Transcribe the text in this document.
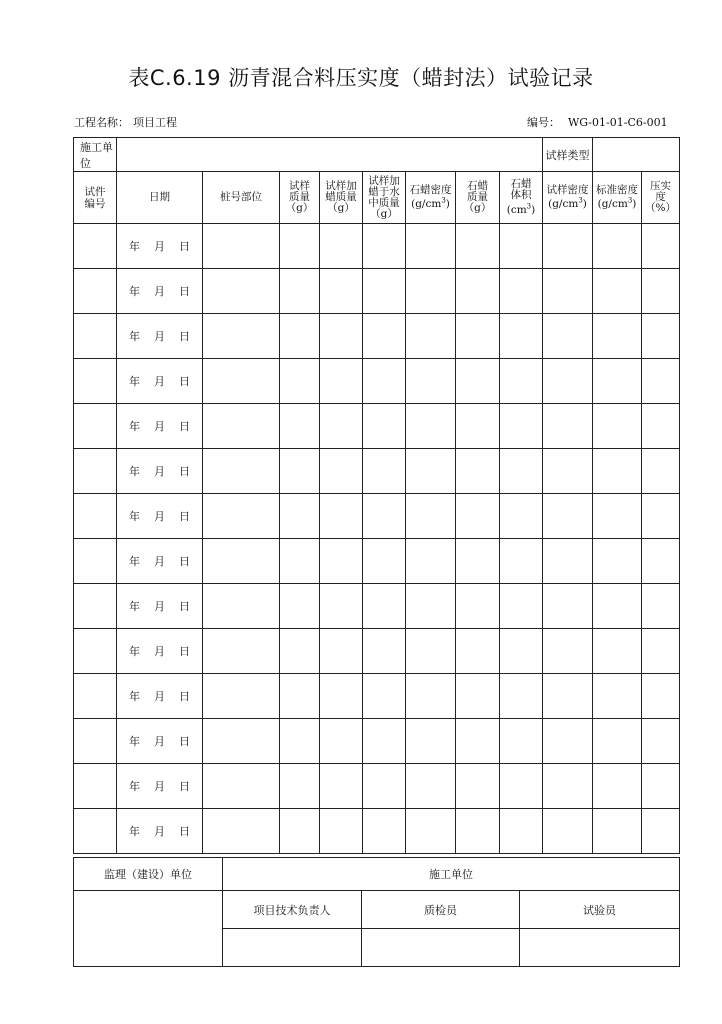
表C.6.19 沥青混合料压实度（蜡封法）试验记录
工程名称： 项目工程	编号： WG-01-01-C6-001
施工单位									试样类型		
试件编号	日期	桩号部位	试样
质量
（g）	试样加
蜡质量
（g）	试样加
蜡于水
中质量
（g）	石蜡密度
$(g/cm^3)$	石蜡
质量
（g）	石蜡
体积
$(cm^3)$	试样密度
$(g/cm^3)$	标准密度
$(g/cm^3)$	压实
度
（%）
	年 月 日										
	年 月 日										
	年 月 日										
	年 月 日										
	年 月 日										
	年 月 日										
	年 月 日										
	年 月 日										
	年 月 日										
	年 月 日										
	年 月 日										
	年 月 日										
	年 月 日										
	年 月 日										
监理（建设）单位	施工单位		
	项目技术负责人	质检员	试验员
